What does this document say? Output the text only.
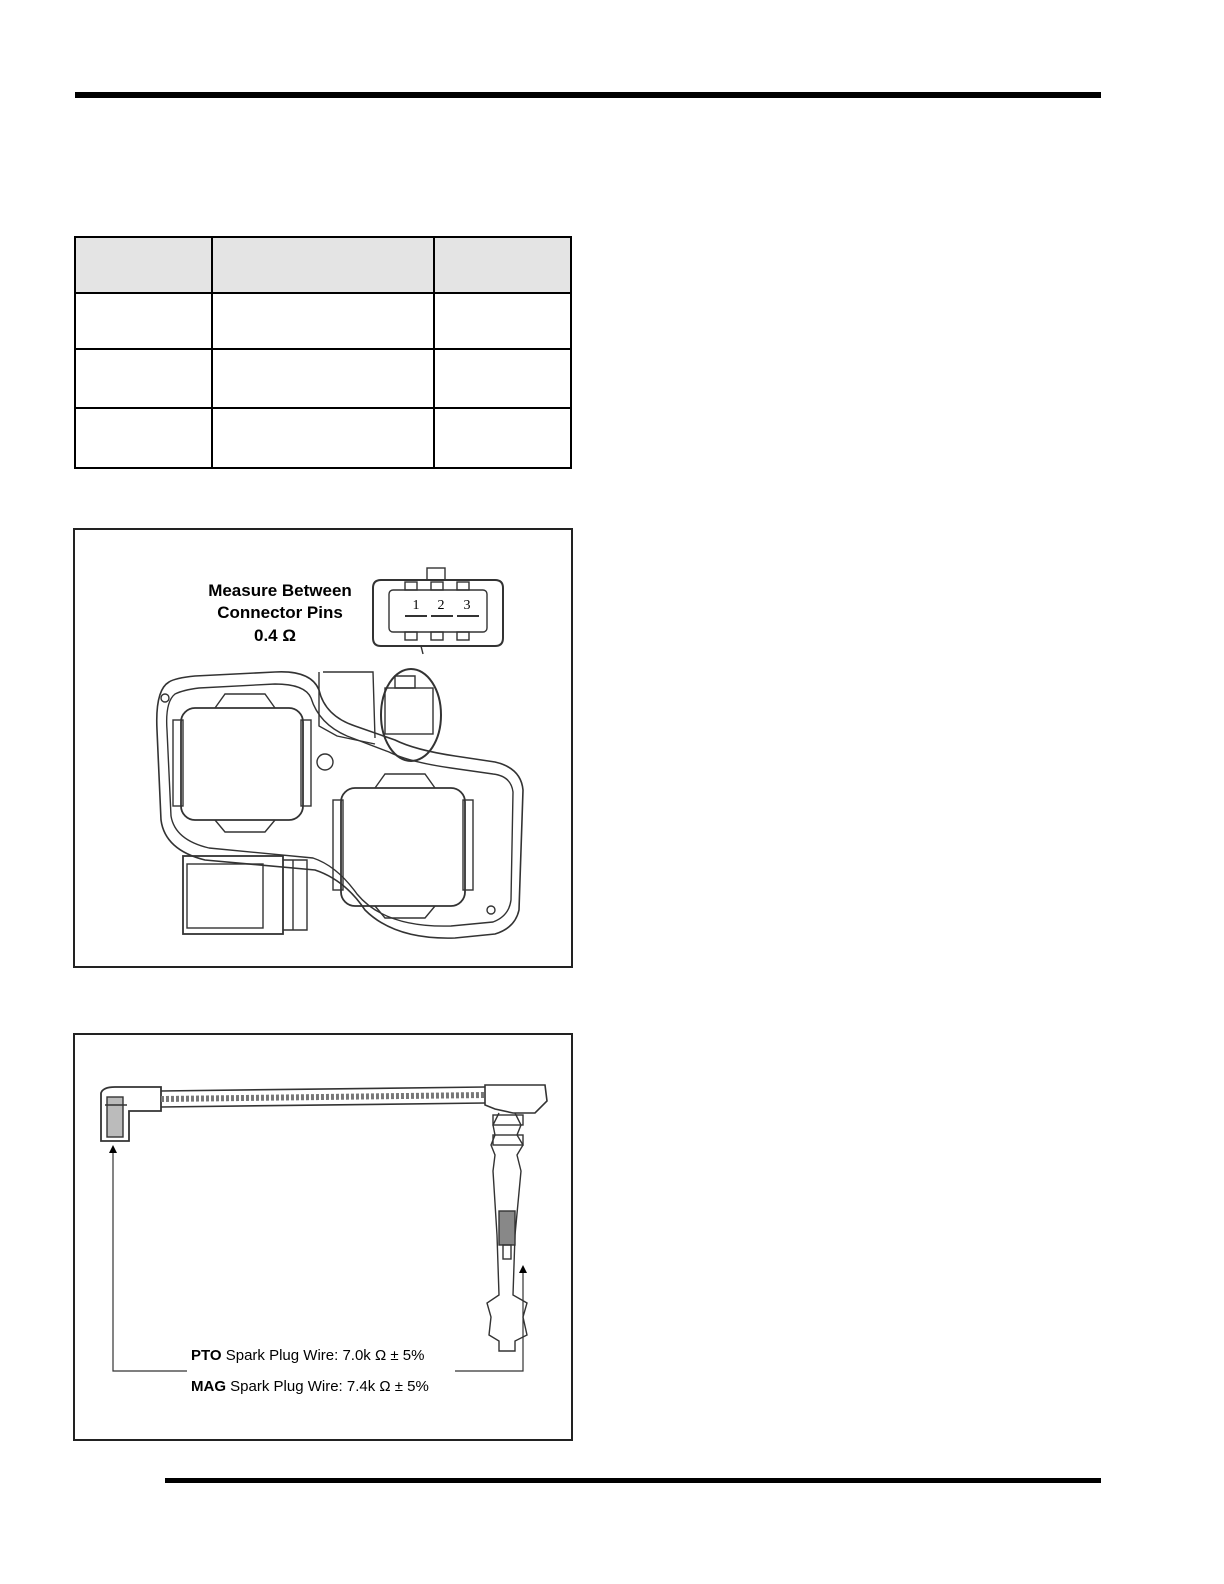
Measure Between
Connector Pins
0.4 Ω
1 2 3
PTO Spark Plug Wire: 7.0k Ω ± 5%
MAG Spark Plug Wire: 7.4k Ω ± 5%
